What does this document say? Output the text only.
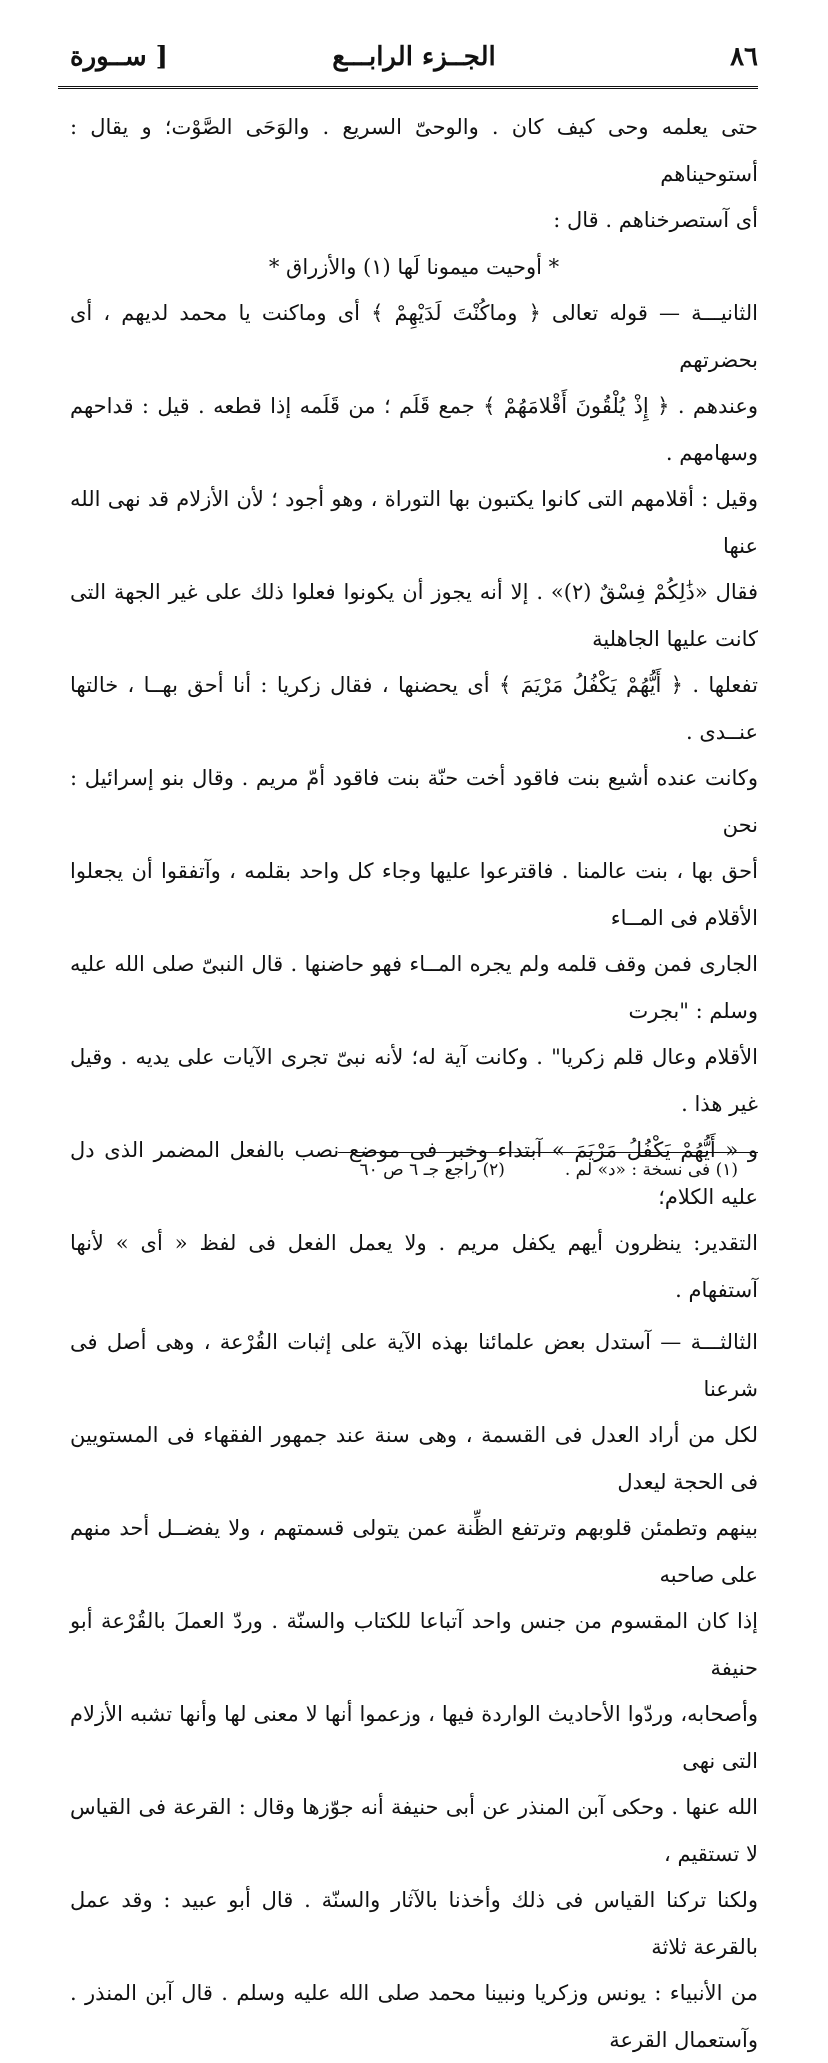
٨٦
الجــزء الرابـــع
[ ســورة

حتى يعلمه وحى كيف كان . والوحىّ السريع . والوَحَى الصَّوْت؛ و يقال : أستوحيناهم

أى آستصرخناهم . قال :

* أوحيت ميمونا لَها (١) والأزراق *

الثانيـــة — قوله تعالى ﴿ وماكُنْتَ لَدَيْهِمْ ﴾ أى وماكنت يا محمد لديهم ، أى بحضرتهم

وعندهم . ﴿ إِذْ يُلْقُونَ أَقْلامَهُمْ ﴾ جمع قَلَم ؛ من قَلَمه إذا قطعه . قيل : قداحهم وسهامهم .

وقيل : أقلامهم التى كانوا يكتبون بها التوراة ، وهو أجود ؛ لأن الأزلام قد نهى الله عنها

فقال «ذَٰلِكُمْ فِسْقٌ (٢)» . إلا أنه يجوز أن يكونوا فعلوا ذلك على غير الجهة التى كانت عليها الجاهلية

تفعلها . ﴿ أَيُّهُمْ يَكْفُلُ مَرْيَمَ ﴾ أى يحضنها ، فقال زكريا : أنا أحق بهــا ، خالتها عنــدى .

وكانت عنده أشيع بنت فاقود أخت حنّة بنت فاقود أمّ مريم . وقال بنو إسرائيل : نحن

أحق بها ، بنت عالمنا . فاقترعوا عليها وجاء كل واحد بقلمه ، وآتفقوا أن يجعلوا الأقلام فى المــاء

الجارى فمن وقف قلمه ولم يجره المــاء فهو حاضنها . قال النبىّ صلى الله عليه وسلم : "بجرت

الأقلام وعال قلم زكريا" . وكانت آية له؛ لأنه نبىّ تجرى الآيات على يديه . وقيل غير هذا .

و « أَيُّهُمْ يَكْفُلُ مَرْيَمَ » آبتداء وخبر فى موضع نصب بالفعل المضمر الذى دل عليه الكلام؛

التقدير: ينظرون أيهم يكفل مريم . ولا يعمل الفعل فى لفظ « أى » لأنها آستفهام .

الثالثـــة — آستدل بعض علمائنا بهذه الآية على إثبات القُرْعة ، وهى أصل فى شرعنا

لكل من أراد العدل فى القسمة ، وهى سنة عند جمهور الفقهاء فى المستويين فى الحجة ليعدل

بينهم وتطمئن قلوبهم وترتفع الظِّنة عمن يتولى قسمتهم ، ولا يفضــل أحد منهم على صاحبه

إذا كان المقسوم من جنس واحد آتباعا للكتاب والسنّة . وردّ العملَ بالقُرْعة أبو حنيفة

وأصحابه، وردّوا الأحاديث الواردة فيها ، وزعموا أنها لا معنى لها وأنها تشبه الأزلام التى نهى

الله عنها . وحكى آبن المنذر عن أبى حنيفة أنه جوّزها وقال : القرعة فى القياس لا تستقيم ،

ولكنا تركنا القياس فى ذلك وأخذنا بالآثار والسنّة . قال أبو عبيد : وقد عمل بالقرعة ثلاثة

من الأنبياء : يونس وزكريا ونبينا محمد صلى الله عليه وسلم . قال آبن المنذر . وآستعمال القرعة

(١) فى نسخة : «د» لم .
(٢) راجع جـ ٦ ص ٦٠
